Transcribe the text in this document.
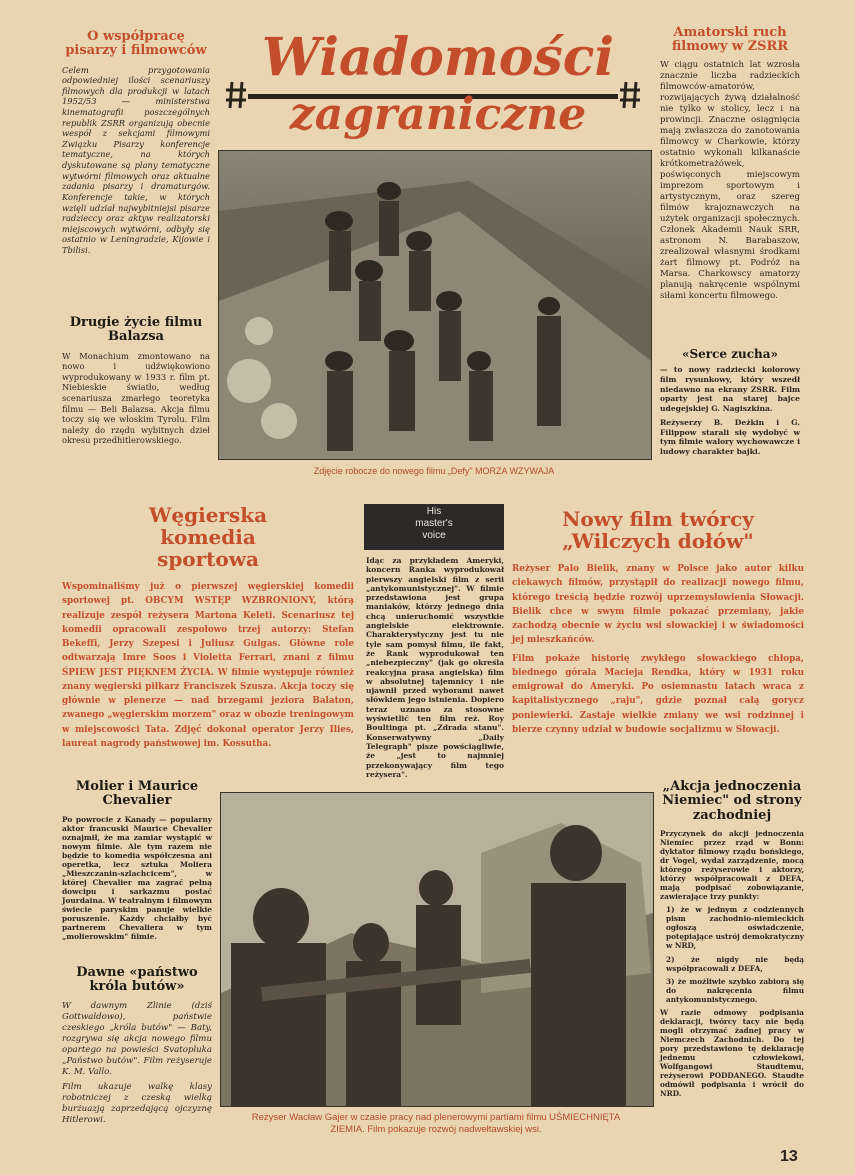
Wiadomości
zagraniczne
O współpracę pisarzy i filmowców
Celem przygotowania odpowiedniej ilości scenariuszy filmowych dla produkcji w latach 1952/53 — ministerstwa kinematografii poszczególnych republik ZSRR organizują obecnie wespół z sekcjami filmowymi Związku Pisarzy konferencje tematyczne, na których dyskutowane są plany tematyczne wytwórni filmowych oraz aktualne zadania pisarzy i dramaturgów. Konferencje takie, w których wzięli udział najwybitniejsi pisarze radzieccy oraz aktyw realizatorski miejscowych wytwórni, odbyły się ostatnio w Leningradzie, Kijowie i Tbilisi.
Drugie życie filmu Balazsa
W Monachium zmontowano na nowo i udźwiękowiono wyprodukowany w 1933 r. film pt. Niebieskie światło, według scenariusza zmarłego teoretyka filmu — Beli Balazsa. Akcja filmu toczy się we włoskim Tyrolu. Film należy do rzędu wybitnych dzieł okresu przedhitlerowskiego.
Zdjęcie robocze do nowego filmu „Defy" MORZA WZYWAJA
Amatorski ruch filmowy w ZSRR
W ciągu ostatnich lat wzrosła znacznie liczba radzieckich filmowców-amatorów, rozwijających żywą działalność nie tylko w stolicy, lecz i na prowincji. Znaczne osiągnięcia mają zwłaszcza do zanotowania filmowcy w Charkowie, którzy ostatnio wykonali kilkanaście krótkometrażówek, poświęconych miejscowym imprezom sportowym i artystycznym, oraz szereg filmów krajoznawczych na użytek organizacji społecznych. Członek Akademii Nauk SRR, astronom N. Barabaszow, zrealizował własnymi środkami żart filmowy pt. Podróż na Marsa. Charkowscy amatorzy planują nakręcenie wspólnymi siłami koncertu filmowego.
«Serce zucha»

— to nowy radziecki kolorowy film rysunkowy, który wszedł niedawno na ekrany ZSRR. Film oparty jest na starej bajce udegejskiej G. Nagiszkina.

Reżyserzy B. Deżkin i G. Filippow starali się wydobyć w tym filmie walory wychowawcze i ludowy charakter bajki.

Węgierska komedia sportowa
Wspominaliśmy już o pierwszej węgierskiej komedii sportowej pt. OBCYM WSTĘP WZBRONIONY, którą realizuje zespół reżysera Martona Keleti. Scenariusz tej komedii opracowali zespołowo trzej autorzy: Stefan Bekeffi, Jerzy Szepesi i Juliusz Gulgas. Główne role odtwarzają Imre Soos i Violetta Ferrari, znani z filmu ŚPIEW JEST PIĘKNEM ŻYCIA. W filmie występuje również znany węgierski piłkarz Franciszek Szusza. Akcja toczy się głównie w plenerze — nad brzegami jeziora Balaton, zwanego „węgierskim morzem" oraz w obozie treningowym w miejscowości Tata. Zdjęć dokonał operator Jerzy Ilies, laureat nagrody państwowej im. Kossutha.
His
master's
voice
Idąc za przykładem Ameryki, koncern Ranka wyprodukował pierwszy angielski film z serii „antykomunistycznej". W filmie przedstawiona jest grupa maniaków, którzy jednego dnia chcą unieruchomić wszystkie angielskie elektrownie. Charakterystyczny jest tu nie tyle sam pomysł filmu, ile fakt, że Rank wyprodukował ten „niebezpieczny" (jak go określa reakcyjna prasa angielska) film w absolutnej tajemnicy i nie ujawnił przed wyborami nawet słówkiem jego istnienia. Dopiero teraz uznano za stosowne wyświetlić ten film reż. Roy Boultinga pt. „Zdrada stanu". Konserwatywny „Daily Telegraph" pisze powściągliwie, że „jest to najmniej przekonywający film tego reżysera".
Nowy film twórcy „Wilczych dołów"

Reżyser Palo Bielik, znany w Polsce jako autor kilku ciekawych filmów, przystąpił do realizacji nowego filmu, którego treścią będzie rozwój uprzemysłowienia Słowacji. Bielik chce w swym filmie pokazać przemiany, jakie zachodzą obecnie w życiu wsi słowackiej i w świadomości jej mieszkańców.

Film pokaże historię zwykłego słowackiego chłopa, biednego górala Macieja Rendka, który w 1931 roku emigrował do Ameryki. Po osiemnastu latach wraca z kapitalistycznego „raju", gdzie poznał całą gorycz poniewierki. Zastaje wielkie zmiany we wsi rodzinnej i bierze czynny udział w budowie socjalizmu w Słowacji.

Molier i Maurice Chevalier
Po powrocie z Kanady — popularny aktor francuski Maurice Chevalier oznajmił, że ma zamiar wystąpić w nowym filmie. Ale tym razem nie będzie to komedia współczesna ani operetka, lecz sztuka Moliera „Mieszczanin-szlachcicem", w której Chevalier ma zagrać pełną dowcipu i sarkazmu postać Jourdaina. W teatralnym i filmowym świecie paryskim panuje wielkie poruszenie. Każdy chciałby być partnerem Chevaliera w tym „molierowskim" filmie.
Dawne «państwo króla butów»

W dawnym Zlinie (dziś Gottwaldowo), państwie czeskiego „króla butów" — Baty, rozgrywa się akcja nowego filmu opartego na powieści Svatopluka „Państwo butów". Film reżyseruje K. M. Vallo.

Film ukazuje walkę klasy robotniczej z czeską wielką burżuazją zaprzedającą ojczyznę Hitlerowi.	Reżyser Wacław Gajer w czasie pracy nad plenerowymi partiami filmu UŚMIECHNIĘTA ZIEMIA. Film pokazuje rozwój nadwełtawskiej wsi.
„Akcja jednoczenia Niemiec" od strony zachodniej

Przyczynek do akcji jednoczenia Niemiec przez rząd w Bonn: dyktator filmowy rządu bońskiego, dr Vogel, wydał zarządzenie, mocą którego reżyserowie i aktorzy, którzy współpracowali z DEFA, mają podpisać zobowiązanie, zawierające trzy punkty:

1) że w jednym z codziennych pism zachodnio-niemieckich ogłoszą oświadczenie, potępiające ustrój demokratyczny w NRD,

2) że nigdy nie będą współpracowali z DEFA,

3) że możliwie szybko zabiorą się do nakręcenia filmu antykomunistycznego.

W razie odmowy podpisania deklaracji, twórcy tacy nie będą mogli otrzymać żadnej pracy w Niemczech Zachodnich. Do tej pory przedstawiono tę deklarację jednemu człowiekowi, Wolfgangowi Staudtemu, reżyserowi PODDANEGO. Staudte odmówił podpisania i wrócił do NRD.

13
